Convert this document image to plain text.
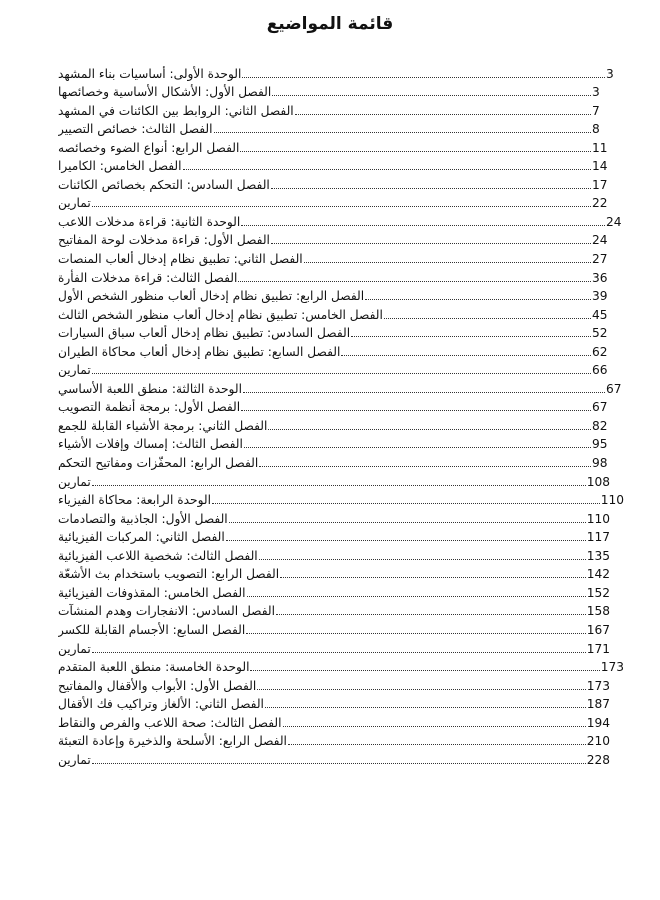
قائمة المواضيع
الوحدة الأولى: أساسيات بناء المشهد	3
الفصل الأول: الأشكال الأساسية وخصائصها	3
الفصل الثاني: الروابط بين الكائنات في المشهد	7
الفصل الثالث: خصائص التصيير	8
الفصل الرابع: أنواع الضوء وخصائصه	11
الفصل الخامس: الكاميرا	14
الفصل السادس: التحكم بخصائص الكائنات	17
تمارين	22
الوحدة الثانية: قراءة مدخلات اللاعب	24
الفصل الأول: قراءة مدخلات لوحة المفاتيح	24
الفصل الثاني: تطبيق نظام إدخال ألعاب المنصات	27
الفصل الثالث: قراءة مدخلات الفأرة	36
الفصل الرابع: تطبيق نظام إدخال ألعاب منظور الشخص الأول	39
الفصل الخامس: تطبيق نظام إدخال ألعاب منظور الشخص الثالث	45
الفصل السادس: تطبيق نظام إدخال ألعاب سباق السيارات	52
الفصل السابع: تطبيق نظام إدخال ألعاب محاكاة الطيران	62
تمارين	66
الوحدة الثالثة: منطق اللعبة الأساسي	67
الفصل الأول: برمجة أنظمة التصويب	67
الفصل الثاني: برمجة الأشياء القابلة للجمع	82
الفصل الثالث: إمساك وإفلات الأشياء	95
الفصل الرابع: المحفّزات ومفاتيح التحكم	98
تمارين	108
الوحدة الرابعة: محاكاة الفيزياء	110
الفصل الأول: الجاذبية والتصادمات	110
الفصل الثاني: المركبات الفيزيائية	117
الفصل الثالث: شخصية اللاعب الفيزيائية	135
الفصل الرابع: التصويب باستخدام بث الأشعّة	142
الفصل الخامس: المقذوفات الفيزيائية	152
الفصل السادس: الانفجارات وهدم المنشآت	158
الفصل السابع: الأجسام القابلة للكسر	167
تمارين	171
الوحدة الخامسة: منطق اللعبة المتقدم	173
الفصل الأول: الأبواب والأقفال والمفاتيح	173
الفصل الثاني: الألغاز وتراكيب فك الأقفال	187
الفصل الثالث: صحة اللاعب والفرص والنقاط	194
الفصل الرابع: الأسلحة والذخيرة وإعادة التعبئة	210
تمارين	228
